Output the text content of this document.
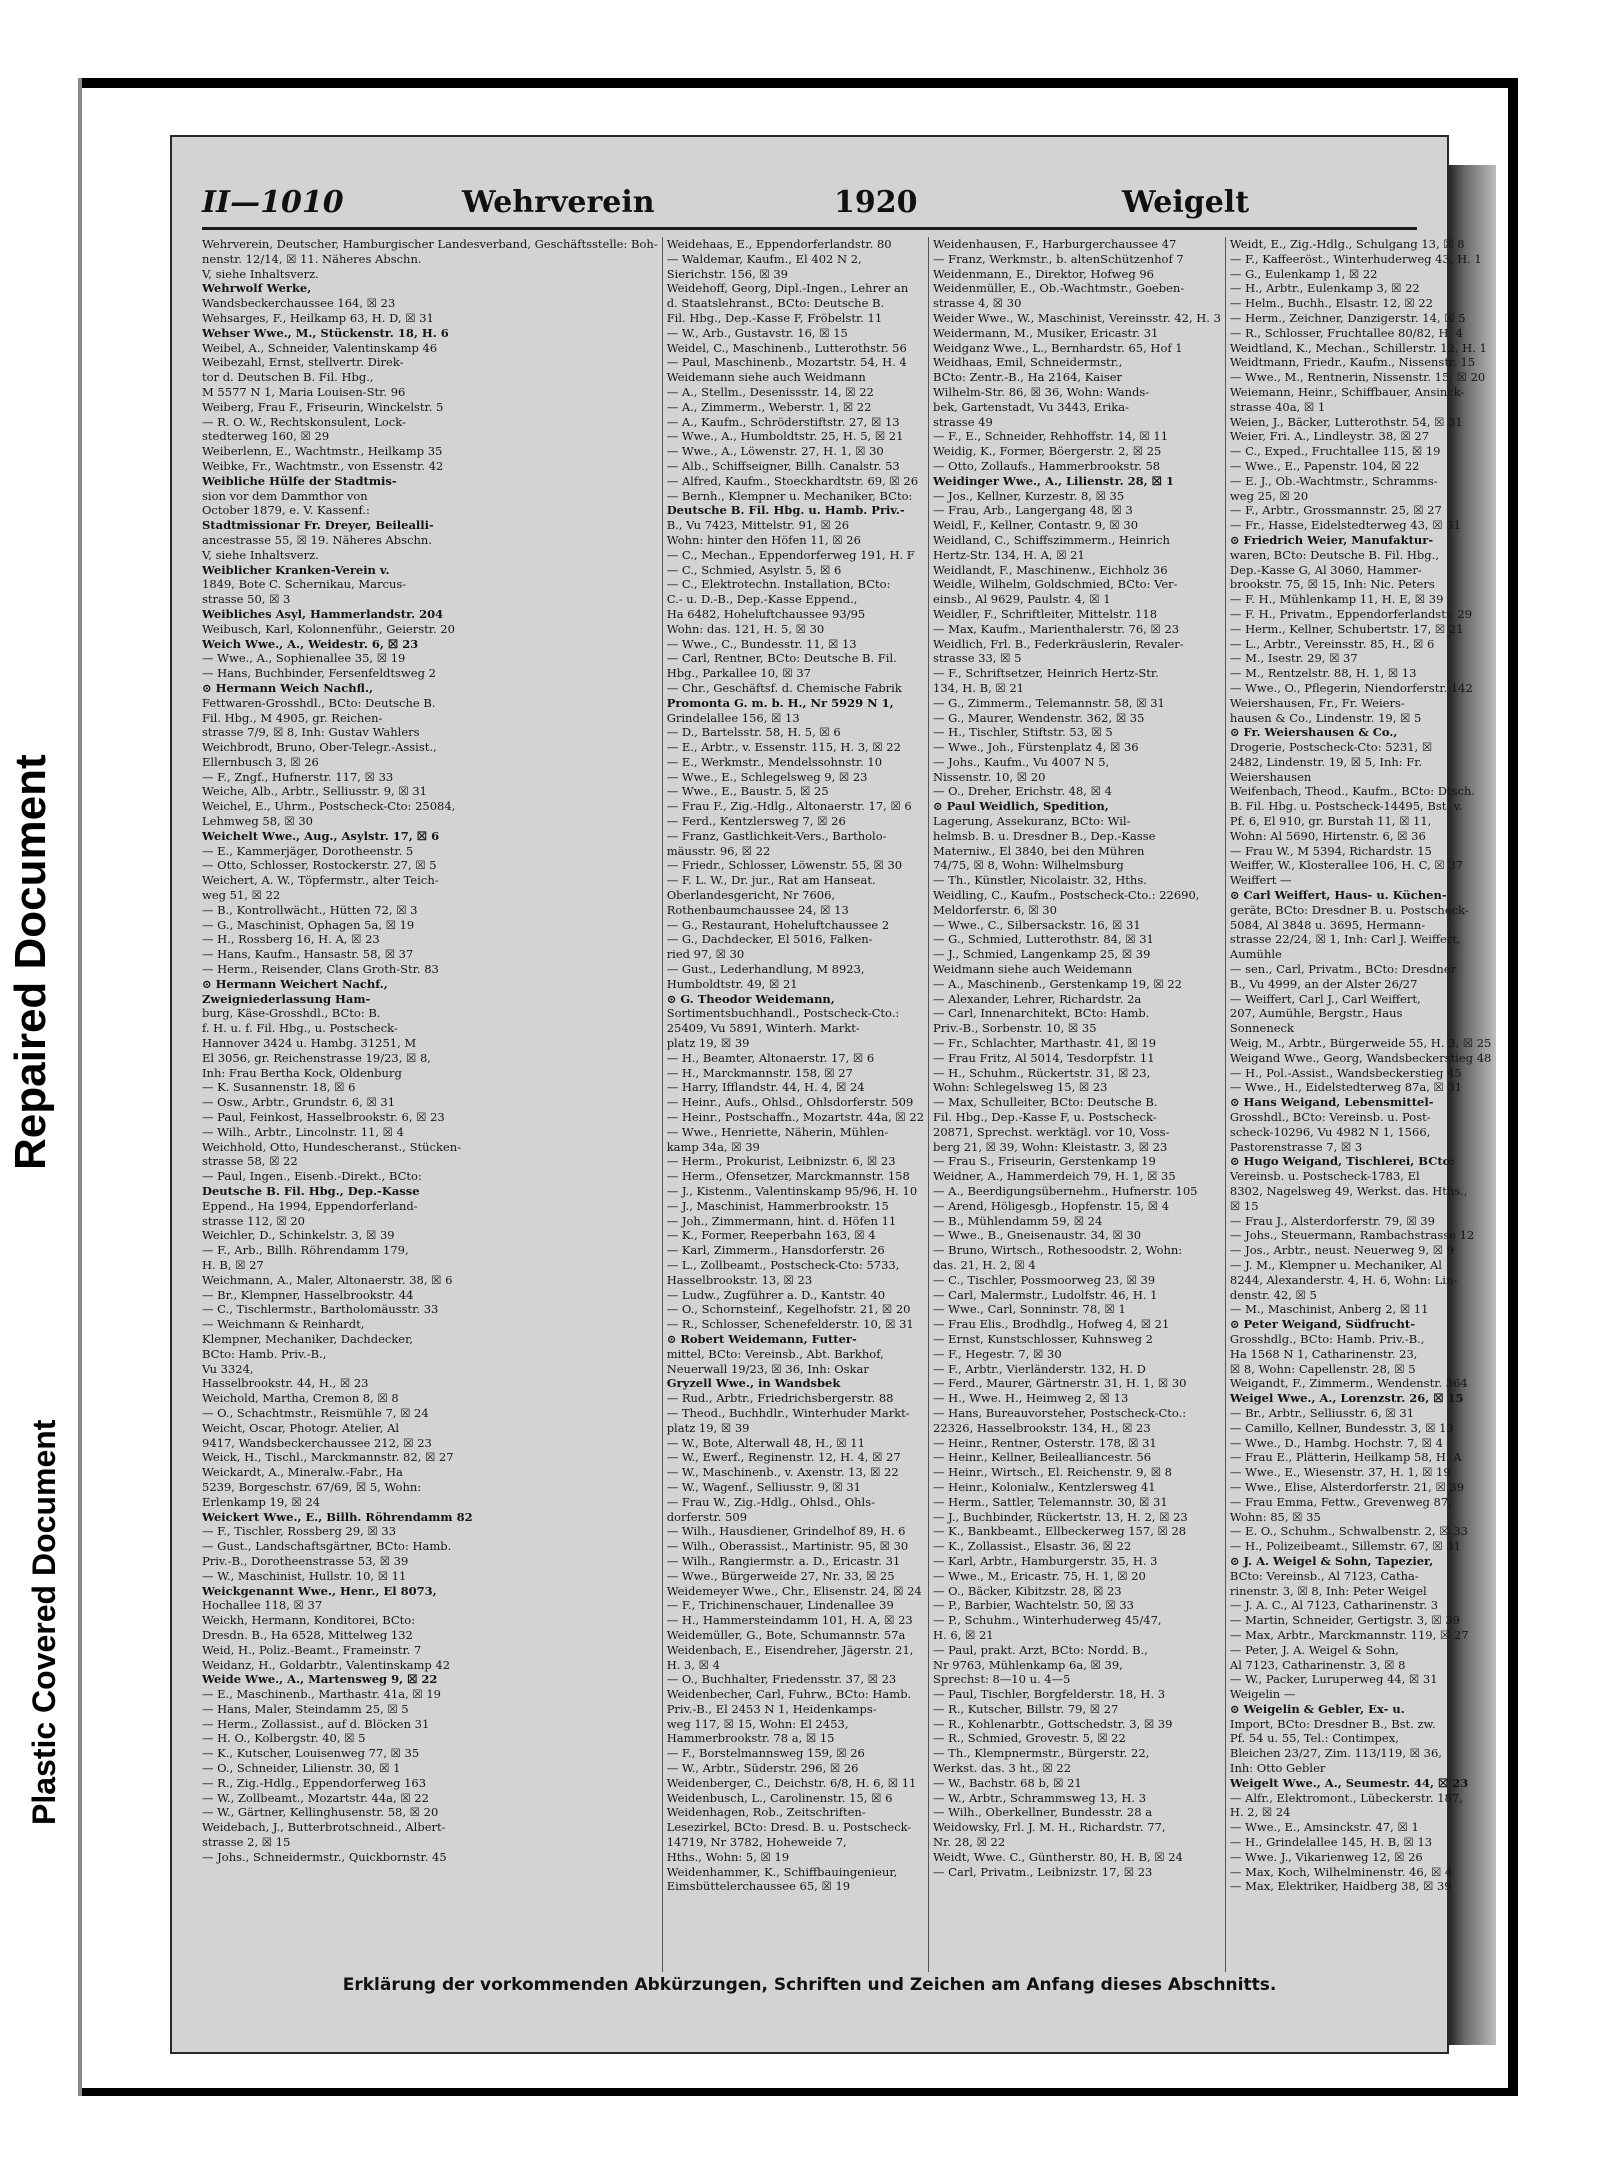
Plastic Covered Document
Repaired Document
II—1010	Wehrverein	1920	Weigelt

Wehrverein, Deutscher, Hamburgischer Landesverband, Geschäftsstelle: Boh-

nenstr. 12/14, ☒ 11. Näheres Abschn.

V, siehe Inhaltsverz.

Wehrwolf Werke,

Wandsbeckerchaussee 164, ☒ 23

Wehsarges, F., Heilkamp 63, H. D, ☒ 31

Wehser Wwe., M., Stückenstr. 18, H. 6

Weibel, A., Schneider, Valentinskamp 46

Weibezahl, Ernst, stellvertr. Direk-

tor d. Deutschen B. Fil. Hbg.,

M 5577 N 1, Maria Louisen-Str. 96

Weiberg, Frau F., Friseurin, Winckelstr. 5

— R. O. W., Rechtskonsulent, Lock-

stedterweg 160, ☒ 29

Weiberlenn, E., Wachtmstr., Heilkamp 35

Weibke, Fr., Wachtmstr., von Essenstr. 42

Weibliche Hülfe der Stadtmis-

sion vor dem Dammthor von

October 1879, e. V. Kassenf.:

Stadtmissionar Fr. Dreyer, Beilealli-

ancestrasse 55, ☒ 19. Näheres Abschn.

V, siehe Inhaltsverz.

Weiblicher Kranken-Verein v.

1849, Bote C. Schernikau, Marcus-

strasse 50, ☒ 3

Weibliches Asyl, Hammerlandstr. 204

Weibusch, Karl, Kolonnenführ., Geierstr. 20

Weich Wwe., A., Weidestr. 6, ☒ 23

— Wwe., A., Sophienallee 35, ☒ 19

— Hans, Buchbinder, Fersenfeldtsweg 2

⊙ Hermann Weich Nachfl.,

Fettwaren-Grosshdl., BCto: Deutsche B.

Fil. Hbg., M 4905, gr. Reichen-

strasse 7/9, ☒ 8, Inh: Gustav Wahlers

Weichbrodt, Bruno, Ober-Telegr.-Assist.,

Ellernbusch 3, ☒ 26

— F., Zngf., Hufnerstr. 117, ☒ 33

Weiche, Alb., Arbtr., Selliusstr. 9, ☒ 31

Weichel, E., Uhrm., Postscheck-Cto: 25084,

Lehmweg 58, ☒ 30

Weichelt Wwe., Aug., Asylstr. 17, ☒ 6

— E., Kammerjäger, Dorotheenstr. 5

— Otto, Schlosser, Rostockerstr. 27, ☒ 5

Weichert, A. W., Töpfermstr., alter Teich-

weg 51, ☒ 22

— B., Kontrollwächt., Hütten 72, ☒ 3

— G., Maschinist, Ophagen 5a, ☒ 19

— H., Rossberg 16, H. A, ☒ 23

— Hans, Kaufm., Hansastr. 58, ☒ 37

— Herm., Reisender, Clans Groth-Str. 83

⊙ Hermann Weichert Nachf.,

Zweigniederlassung Ham-

burg, Käse-Grosshdl., BCto: B.

f. H. u. f. Fil. Hbg., u. Postscheck-

Hannover 3424 u. Hambg. 31251, M

El 3056, gr. Reichenstrasse 19/23, ☒ 8,

Inh: Frau Bertha Kock, Oldenburg

— K. Susannenstr. 18, ☒ 6

— Osw., Arbtr., Grundstr. 6, ☒ 31

— Paul, Feinkost, Hasselbrookstr. 6, ☒ 23

— Wilh., Arbtr., Lincolnstr. 11, ☒ 4

Weichhold, Otto, Hundescheranst., Stücken-

strasse 58, ☒ 22

— Paul, Ingen., Eisenb.-Direkt., BCto:

Deutsche B. Fil. Hbg., Dep.-Kasse

Eppend., Ha 1994, Eppendorferland-

strasse 112, ☒ 20

Weichler, D., Schinkelstr. 3, ☒ 39

— F., Arb., Billh. Röhrendamm 179,

H. B, ☒ 27

Weichmann, A., Maler, Altonaerstr. 38, ☒ 6

— Br., Klempner, Hasselbrookstr. 44

— C., Tischlermstr., Bartholomäusstr. 33

— Weichmann & Reinhardt,

Klempner, Mechaniker, Dachdecker,

BCto: Hamb. Priv.-B.,

Vu 3324,

Hasselbrookstr. 44, H., ☒ 23

Weichold, Martha, Cremon 8, ☒ 8

— O., Schachtmstr., Reismühle 7, ☒ 24

Weicht, Oscar, Photogr. Atelier, Al

9417, Wandsbeckerchaussee 212, ☒ 23

Weick, H., Tischl., Marckmannstr. 82, ☒ 27

Weickardt, A., Mineralw.-Fabr., Ha

5239, Borgeschstr. 67/69, ☒ 5, Wohn:

Erlenkamp 19, ☒ 24

Weickert Wwe., E., Billh. Röhrendamm 82

— F., Tischler, Rossberg 29, ☒ 33

— Gust., Landschaftsgärtner, BCto: Hamb.

Priv.-B., Dorotheenstrasse 53, ☒ 39

— W., Maschinist, Hullstr. 10, ☒ 11

Weickgenannt Wwe., Henr., El 8073,

Hochallee 118, ☒ 37

Weickh, Hermann, Konditorei, BCto:

Dresdn. B., Ha 6528, Mittelweg 132

Weid, H., Poliz.-Beamt., Frameinstr. 7

Weidanz, H., Goldarbtr., Valentinskamp 42

Weide Wwe., A., Martensweg 9, ☒ 22

— E., Maschinenb., Marthastr. 41a, ☒ 19

— Hans, Maler, Steindamm 25, ☒ 5

— Herm., Zollassist., auf d. Blöcken 31

— H. O., Kolbergstr. 40, ☒ 5

— K., Kutscher, Louisenweg 77, ☒ 35

— O., Schneider, Lilienstr. 30, ☒ 1

— R., Zig.-Hdlg., Eppendorferweg 163

— W., Zollbeamt., Mozartstr. 44a, ☒ 22

— W., Gärtner, Kellinghusenstr. 58, ☒ 20

Weidebach, J., Butterbrotschneid., Albert-

strasse 2, ☒ 15

— Johs., Schneidermstr., Quickbornstr. 45

Weidehaas, E., Eppendorferlandstr. 80

— Waldemar, Kaufm., El 402 N 2,

Sierichstr. 156, ☒ 39

Weidehoff, Georg, Dipl.-Ingen., Lehrer an

d. Staatslehranst., BCto: Deutsche B.

Fil. Hbg., Dep.-Kasse F, Fröbelstr. 11

— W., Arb., Gustavstr. 16, ☒ 15

Weidel, C., Maschinenb., Lutterothstr. 56

— Paul, Maschinenb., Mozartstr. 54, H. 4

Weidemann siehe auch Weidmann

— A., Stellm., Desenissstr. 14, ☒ 22

— A., Zimmerm., Weberstr. 1, ☒ 22

— A., Kaufm., Schröderstiftstr. 27, ☒ 13

— Wwe., A., Humboldtstr. 25, H. 5, ☒ 21

— Wwe., A., Löwenstr. 27, H. 1, ☒ 30

— Alb., Schiffseigner, Billh. Canalstr. 53

— Alfred, Kaufm., Stoeckhardtstr. 69, ☒ 26

— Bernh., Klempner u. Mechaniker, BCto:

Deutsche B. Fil. Hbg. u. Hamb. Priv.-

B., Vu 7423, Mittelstr. 91, ☒ 26

Wohn: hinter den Höfen 11, ☒ 26

— C., Mechan., Eppendorferweg 191, H. F

— C., Schmied, Asylstr. 5, ☒ 6

— C., Elektrotechn. Installation, BCto:

C.- u. D.-B., Dep.-Kasse Eppend.,

Ha 6482, Hoheluftchaussee 93/95

Wohn: das. 121, H. 5, ☒ 30

— Wwe., C., Bundesstr. 11, ☒ 13

— Carl, Rentner, BCto: Deutsche B. Fil.

Hbg., Parkallee 10, ☒ 37

— Chr., Geschäftsf. d. Chemische Fabrik

Promonta G. m. b. H., Nr 5929 N 1,

Grindelallee 156, ☒ 13

— D., Bartelsstr. 58, H. 5, ☒ 6

— E., Arbtr., v. Essenstr. 115, H. 3, ☒ 22

— E., Werkmstr., Mendelssohnstr. 10

— Wwe., E., Schlegelsweg 9, ☒ 23

— Wwe., E., Baustr. 5, ☒ 25

— Frau F., Zig.-Hdlg., Altonaerstr. 17, ☒ 6

— Ferd., Kentzlersweg 7, ☒ 26

— Franz, Gastlichkeit-Vers., Bartholo-

mäusstr. 96, ☒ 22

— Friedr., Schlosser, Löwenstr. 55, ☒ 30

— F. L. W., Dr. jur., Rat am Hanseat.

Oberlandesgericht, Nr 7606,

Rothenbaumchaussee 24, ☒ 13

— G., Restaurant, Hoheluftchaussee 2

— G., Dachdecker, El 5016, Falken-

ried 97, ☒ 30

— Gust., Lederhandlung, M 8923,

Humboldtstr. 49, ☒ 21

⊙ G. Theodor Weidemann,

Sortimentsbuchhandl., Postscheck-Cto.:

25409, Vu 5891, Winterh. Markt-

platz 19, ☒ 39

— H., Beamter, Altonaerstr. 17, ☒ 6

— H., Marckmannstr. 158, ☒ 27

— Harry, Ifflandstr. 44, H. 4, ☒ 24

— Heinr., Aufs., Ohlsd., Ohlsdorferstr. 509

— Heinr., Postschaffn., Mozartstr. 44a, ☒ 22

— Wwe., Henriette, Näherin, Mühlen-

kamp 34a, ☒ 39

— Herm., Prokurist, Leibnizstr. 6, ☒ 23

— Herm., Ofensetzer, Marckmannstr. 158

— J., Kistenm., Valentinskamp 95/96, H. 10

— J., Maschinist, Hammerbrookstr. 15

— Joh., Zimmermann, hint. d. Höfen 11

— K., Former, Reeperbahn 163, ☒ 4

— Karl, Zimmerm., Hansdorferstr. 26

— L., Zollbeamt., Postscheck-Cto: 5733,

Hasselbrookstr. 13, ☒ 23

— Ludw., Zugführer a. D., Kantstr. 40

— O., Schornsteinf., Kegelhofstr. 21, ☒ 20

— R., Schlosser, Schenefelderstr. 10, ☒ 31

⊙ Robert Weidemann, Futter-

mittel, BCto: Vereinsb., Abt. Barkhof,

Neuerwall 19/23, ☒ 36, Inh: Oskar

Gryzell Wwe., in Wandsbek

— Rud., Arbtr., Friedrichsbergerstr. 88

— Theod., Buchhdlr., Winterhuder Markt-

platz 19, ☒ 39

— W., Bote, Alterwall 48, H., ☒ 11

— W., Ewerf., Reginenstr. 12, H. 4, ☒ 27

— W., Maschinenb., v. Axenstr. 13, ☒ 22

— W., Wagenf., Selliusstr. 9, ☒ 31

— Frau W., Zig.-Hdlg., Ohlsd., Ohls-

dorferstr. 509

— Wilh., Hausdiener, Grindelhof 89, H. 6

— Wilh., Oberassist., Martinistr. 95, ☒ 30

— Wilh., Rangiermstr. a. D., Ericastr. 31

— Wwe., Bürgerweide 27, Nr. 33, ☒ 25

Weidemeyer Wwe., Chr., Elisenstr. 24, ☒ 24

— F., Trichinenschauer, Lindenallee 39

— H., Hammersteindamm 101, H. A, ☒ 23

Weidemüller, G., Bote, Schumannstr. 57a

Weidenbach, E., Eisendreher, Jägerstr. 21,

H. 3, ☒ 4

— O., Buchhalter, Friedensstr. 37, ☒ 23

Weidenbecher, Carl, Fuhrw., BCto: Hamb.

Priv.-B., El 2453 N 1, Heidenkamps-

weg 117, ☒ 15, Wohn: El 2453,

Hammerbrookstr. 78 a, ☒ 15

— F., Borstelmannsweg 159, ☒ 26

— W., Arbtr., Süderstr. 296, ☒ 26

Weidenberger, C., Deichstr. 6/8, H. 6, ☒ 11

Weidenbusch, L., Carolinenstr. 15, ☒ 6

Weidenhagen, Rob., Zeitschriften-

Lesezirkel, BCto: Dresd. B. u. Postscheck-

14719, Nr 3782, Hoheweide 7,

Hths., Wohn: 5, ☒ 19

Weidenhammer, K., Schiffbauingenieur,

Eimsbüttelerchaussee 65, ☒ 19

Weidenhausen, F., Harburgerchaussee 47

— Franz, Werkmstr., b. altenSchützenhof 7

Weidenmann, E., Direktor, Hofweg 96

Weidenmüller, E., Ob.-Wachtmstr., Goeben-

strasse 4, ☒ 30

Weider Wwe., W., Maschinist, Vereinsstr. 42, H. 3

Weidermann, M., Musiker, Ericastr. 31

Weidganz Wwe., L., Bernhardstr. 65, Hof 1

Weidhaas, Emil, Schneidermstr.,

BCto: Zentr.-B., Ha 2164, Kaiser

Wilhelm-Str. 86, ☒ 36, Wohn: Wands-

bek, Gartenstadt, Vu 3443, Erika-

strasse 49

— F., E., Schneider, Rehhoffstr. 14, ☒ 11

Weidig, K., Former, Böergerstr. 2, ☒ 25

— Otto, Zollaufs., Hammerbrookstr. 58

Weidinger Wwe., A., Lilienstr. 28, ☒ 1

— Jos., Kellner, Kurzestr. 8, ☒ 35

— Frau, Arb., Langergang 48, ☒ 3

Weidl, F., Kellner, Contastr. 9, ☒ 30

Weidland, C., Schiffszimmerm., Heinrich

Hertz-Str. 134, H. A, ☒ 21

Weidlandt, F., Maschinenw., Eichholz 36

Weidle, Wilhelm, Goldschmied, BCto: Ver-

einsb., Al 9629, Paulstr. 4, ☒ 1

Weidler, F., Schriftleiter, Mittelstr. 118

— Max, Kaufm., Marienthalerstr. 76, ☒ 23

Weidlich, Frl. B., Federkräuslerin, Revaler-

strasse 33, ☒ 5

— F., Schriftsetzer, Heinrich Hertz-Str.

134, H. B, ☒ 21

— G., Zimmerm., Telemannstr. 58, ☒ 31

— G., Maurer, Wendenstr. 362, ☒ 35

— H., Tischler, Stiftstr. 53, ☒ 5

— Wwe., Joh., Fürstenplatz 4, ☒ 36

— Johs., Kaufm., Vu 4007 N 5,

Nissenstr. 10, ☒ 20

— O., Dreher, Erichstr. 48, ☒ 4

⊙ Paul Weidlich, Spedition,

Lagerung, Assekuranz, BCto: Wil-

helmsb. B. u. Dresdner B., Dep.-Kasse

Materniw., El 3840, bei den Mühren

74/75, ☒ 8, Wohn: Wilhelmsburg

— Th., Künstler, Nicolaistr. 32, Hths.

Weidling, C., Kaufm., Postscheck-Cto.: 22690,

Meldorferstr. 6, ☒ 30

— Wwe., C., Silbersackstr. 16, ☒ 31

— G., Schmied, Lutterothstr. 84, ☒ 31

— J., Schmied, Langenkamp 25, ☒ 39

Weidmann siehe auch Weidemann

— A., Maschinenb., Gerstenkamp 19, ☒ 22

— Alexander, Lehrer, Richardstr. 2a

— Carl, Innenarchitekt, BCto: Hamb.

Priv.-B., Sorbenstr. 10, ☒ 35

— Fr., Schlachter, Marthastr. 41, ☒ 19

— Frau Fritz, Al 5014, Tesdorpfstr. 11

— H., Schuhm., Rückertstr. 31, ☒ 23,

Wohn: Schlegelsweg 15, ☒ 23

— Max, Schulleiter, BCto: Deutsche B.

Fil. Hbg., Dep.-Kasse F, u. Postscheck-

20871, Sprechst. werktägl. vor 10, Voss-

berg 21, ☒ 39, Wohn: Kleistastr. 3, ☒ 23

— Frau S., Friseurin, Gerstenkamp 19

Weidner, A., Hammerdeich 79, H. 1, ☒ 35

— A., Beerdigungsübernehm., Hufnerstr. 105

— Arend, Höligesgb., Hopfenstr. 15, ☒ 4

— B., Mühlendamm 59, ☒ 24

— Wwe., B., Gneisenaustr. 34, ☒ 30

— Bruno, Wirtsch., Rothesoodstr. 2, Wohn:

das. 21, H. 2, ☒ 4

— C., Tischler, Possmoorweg 23, ☒ 39

— Carl, Malermstr., Ludolfstr. 46, H. 1

— Wwe., Carl, Sonninstr. 78, ☒ 1

— Frau Elis., Brodhdlg., Hofweg 4, ☒ 21

— Ernst, Kunstschlosser, Kuhnsweg 2

— F., Hegestr. 7, ☒ 30

— F., Arbtr., Vierländerstr. 132, H. D

— Ferd., Maurer, Gärtnerstr. 31, H. 1, ☒ 30

— H., Wwe. H., Heimweg 2, ☒ 13

— Hans, Bureauvorsteher, Postscheck-Cto.:

22326, Hasselbrookstr. 134, H., ☒ 23

— Heinr., Rentner, Osterstr. 178, ☒ 31

— Heinr., Kellner, Beilealliancestr. 56

— Heinr., Wirtsch., El. Reichenstr. 9, ☒ 8

— Heinr., Kolonialw., Kentzlersweg 41

— Herm., Sattler, Telemannstr. 30, ☒ 31

— J., Buchbinder, Rückertstr. 13, H. 2, ☒ 23

— K., Bankbeamt., Ellbeckerweg 157, ☒ 28

— K., Zollassist., Elsastr. 36, ☒ 22

— Karl, Arbtr., Hamburgerstr. 35, H. 3

— Wwe., M., Ericastr. 75, H. 1, ☒ 20

— O., Bäcker, Kibitzstr. 28, ☒ 23

— P., Barbier, Wachtelstr. 50, ☒ 33

— P., Schuhm., Winterhuderweg 45/47,

H. 6, ☒ 21

— Paul, prakt. Arzt, BCto: Nordd. B.,

Nr 9763, Mühlenkamp 6a, ☒ 39,

Sprechst: 8—10 u. 4—5

— Paul, Tischler, Borgfelderstr. 18, H. 3

— R., Kutscher, Billstr. 79, ☒ 27

— R., Kohlenarbtr., Gottschedstr. 3, ☒ 39

— R., Schmied, Grovestr. 5, ☒ 22

— Th., Klempnermstr., Bürgerstr. 22,

Werkst. das. 3 ht., ☒ 22

— W., Bachstr. 68 b, ☒ 21

— W., Arbtr., Schrammsweg 13, H. 3

— Wilh., Oberkellner, Bundesstr. 28 a

Weidowsky, Frl. J. M. H., Richardstr. 77,

Nr. 28, ☒ 22

Weidt, Wwe. C., Güntherstr. 80, H. B, ☒ 24

— Carl, Privatm., Leibnizstr. 17, ☒ 23

Weidt, E., Zig.-Hdlg., Schulgang 13, ☒ 8

— F., Kaffeeröst., Winterhuderweg 43, H. 1

— G., Eulenkamp 1, ☒ 22

— H., Arbtr., Eulenkamp 3, ☒ 22

— Helm., Buchh., Elsastr. 12, ☒ 22

— Herm., Zeichner, Danzigerstr. 14, ☒ 5

— R., Schlosser, Fruchtallee 80/82, H. 4

Weidtland, K., Mechan., Schillerstr. 12, H. 1

Weidtmann, Friedr., Kaufm., Nissenstr. 15

— Wwe., M., Rentnerin, Nissenstr. 15, ☒ 20

Weiemann, Heinr., Schiffbauer, Ansinck-

strasse 40a, ☒ 1

Weien, J., Bäcker, Lutterothstr. 54, ☒ 31

Weier, Fri. A., Lindleystr. 38, ☒ 27

— C., Exped., Fruchtallee 115, ☒ 19

— Wwe., E., Papenstr. 104, ☒ 22

— E. J., Ob.-Wachtmstr., Schramms-

weg 25, ☒ 20

— F., Arbtr., Grossmannstr. 25, ☒ 27

— Fr., Hasse, Eidelstedterweg 43, ☒ 31

⊙ Friedrich Weier, Manufaktur-

waren, BCto: Deutsche B. Fil. Hbg.,

Dep.-Kasse G, Al 3060, Hammer-

brookstr. 75, ☒ 15, Inh: Nic. Peters

— F. H., Mühlenkamp 11, H. E, ☒ 39

— F. H., Privatm., Eppendorferlandstr. 29

— Herm., Kellner, Schubertstr. 17, ☒ 21

— L., Arbtr., Vereinsstr. 85, H., ☒ 6

— M., Isestr. 29, ☒ 37

— M., Rentzelstr. 88, H. 1, ☒ 13

— Wwe., O., Pflegerin, Niendorferstr. 142

Weiershausen, Fr., Fr. Weiers-

hausen & Co., Lindenstr. 19, ☒ 5

⊙ Fr. Weiershausen & Co.,

Drogerie, Postscheck-Cto: 5231, ☒

2482, Lindenstr. 19, ☒ 5, Inh: Fr.

Weiershausen

Weifenbach, Theod., Kaufm., BCto: Dtsch.

B. Fil. Hbg. u. Postscheck-14495, Bst. v.

Pf. 6, El 910, gr. Burstah 11, ☒ 11,

Wohn: Al 5690, Hirtenstr. 6, ☒ 36

— Frau W., M 5394, Richardstr. 15

Weiffer, W., Klosterallee 106, H. C, ☒ 37

Weiffert —

⊙ Carl Weiffert, Haus- u. Küchen-

geräte, BCto: Dresdner B. u. Postscheck-

5084, Al 3848 u. 3695, Hermann-

strasse 22/24, ☒ 1, Inh: Carl J. Weiffert,

Aumühle

— sen., Carl, Privatm., BCto: Dresdner

B., Vu 4999, an der Alster 26/27

— Weiffert, Carl J., Carl Weiffert,

207, Aumühle, Bergstr., Haus

Sonneneck

Weig, M., Arbtr., Bürgerweide 55, H. 3, ☒ 25

Weigand Wwe., Georg, Wandsbeckerstieg 48

— H., Pol.-Assist., Wandsbeckerstieg 45

— Wwe., H., Eidelstedterweg 87a, ☒ 31

⊙ Hans Weigand, Lebensmittel-

Grosshdl., BCto: Vereinsb. u. Post-

scheck-10296, Vu 4982 N 1, 1566,

Pastorenstrasse 7, ☒ 3

⊙ Hugo Weigand, Tischlerei, BCto:

Vereinsb. u. Postscheck-1783, El

8302, Nagelsweg 49, Werkst. das. Hths.,

☒ 15

— Frau J., Alsterdorferstr. 79, ☒ 39

— Johs., Steuermann, Rambachstrasse 12

— Jos., Arbtr., neust. Neuerweg 9, ☒ 9

— J. M., Klempner u. Mechaniker, Al

8244, Alexanderstr. 4, H. 6, Wohn: Lin-

denstr. 42, ☒ 5

— M., Maschinist, Anberg 2, ☒ 11

⊙ Peter Weigand, Südfrucht-

Grosshdlg., BCto: Hamb. Priv.-B.,

Ha 1568 N 1, Catharinenstr. 23,

☒ 8, Wohn: Capellenstr. 28, ☒ 5

Weigandt, F., Zimmerm., Wendenstr. 364

Weigel Wwe., A., Lorenzstr. 26, ☒ 15

— Br., Arbtr., Selliusstr. 6, ☒ 31

— Camillo, Kellner, Bundesstr. 3, ☒ 13

— Wwe., D., Hambg. Hochstr. 7, ☒ 4

— Frau E., Plätterin, Heilkamp 58, H. A

— Wwe., E., Wiesenstr. 37, H. 1, ☒ 19

— Wwe., Elise, Alsterdorferstr. 21, ☒ 39

— Frau Emma, Fettw., Grevenweg 87,

Wohn: 85, ☒ 35

— E. O., Schuhm., Schwalbenstr. 2, ☒ 33

— H., Polizeibeamt., Sillemstr. 67, ☒ 31

⊙ J. A. Weigel & Sohn, Tapezier,

BCto: Vereinsb., Al 7123, Catha-

rinenstr. 3, ☒ 8, Inh: Peter Weigel

— J. A. C., Al 7123, Catharinenstr. 3

— Martin, Schneider, Gertigstr. 3, ☒ 39

— Max, Arbtr., Marckmannstr. 119, ☒ 27

— Peter, J. A. Weigel & Sohn,

Al 7123, Catharinenstr. 3, ☒ 8

— W., Packer, Luruperweg 44, ☒ 31

Weigelin —

⊙ Weigelin & Gebler, Ex- u.

Import, BCto: Dresdner B., Bst. zw.

Pf. 54 u. 55, Tel.: Contimpex,

Bleichen 23/27, Zim. 113/119, ☒ 36,

Inh: Otto Gebler

Weigelt Wwe., A., Seumestr. 44, ☒ 23

— Alfr., Elektromont., Lübeckerstr. 187,

H. 2, ☒ 24

— Wwe., E., Amsinckstr. 47, ☒ 1

— H., Grindelallee 145, H. B, ☒ 13

— Wwe. J., Vikarienweg 12, ☒ 26

— Max, Koch, Wilhelminenstr. 46, ☒ 4

— Max, Elektriker, Haidberg 38, ☒ 39

Erklärung der vorkommenden Abkürzungen, Schriften und Zeichen am Anfang dieses Abschnitts.
